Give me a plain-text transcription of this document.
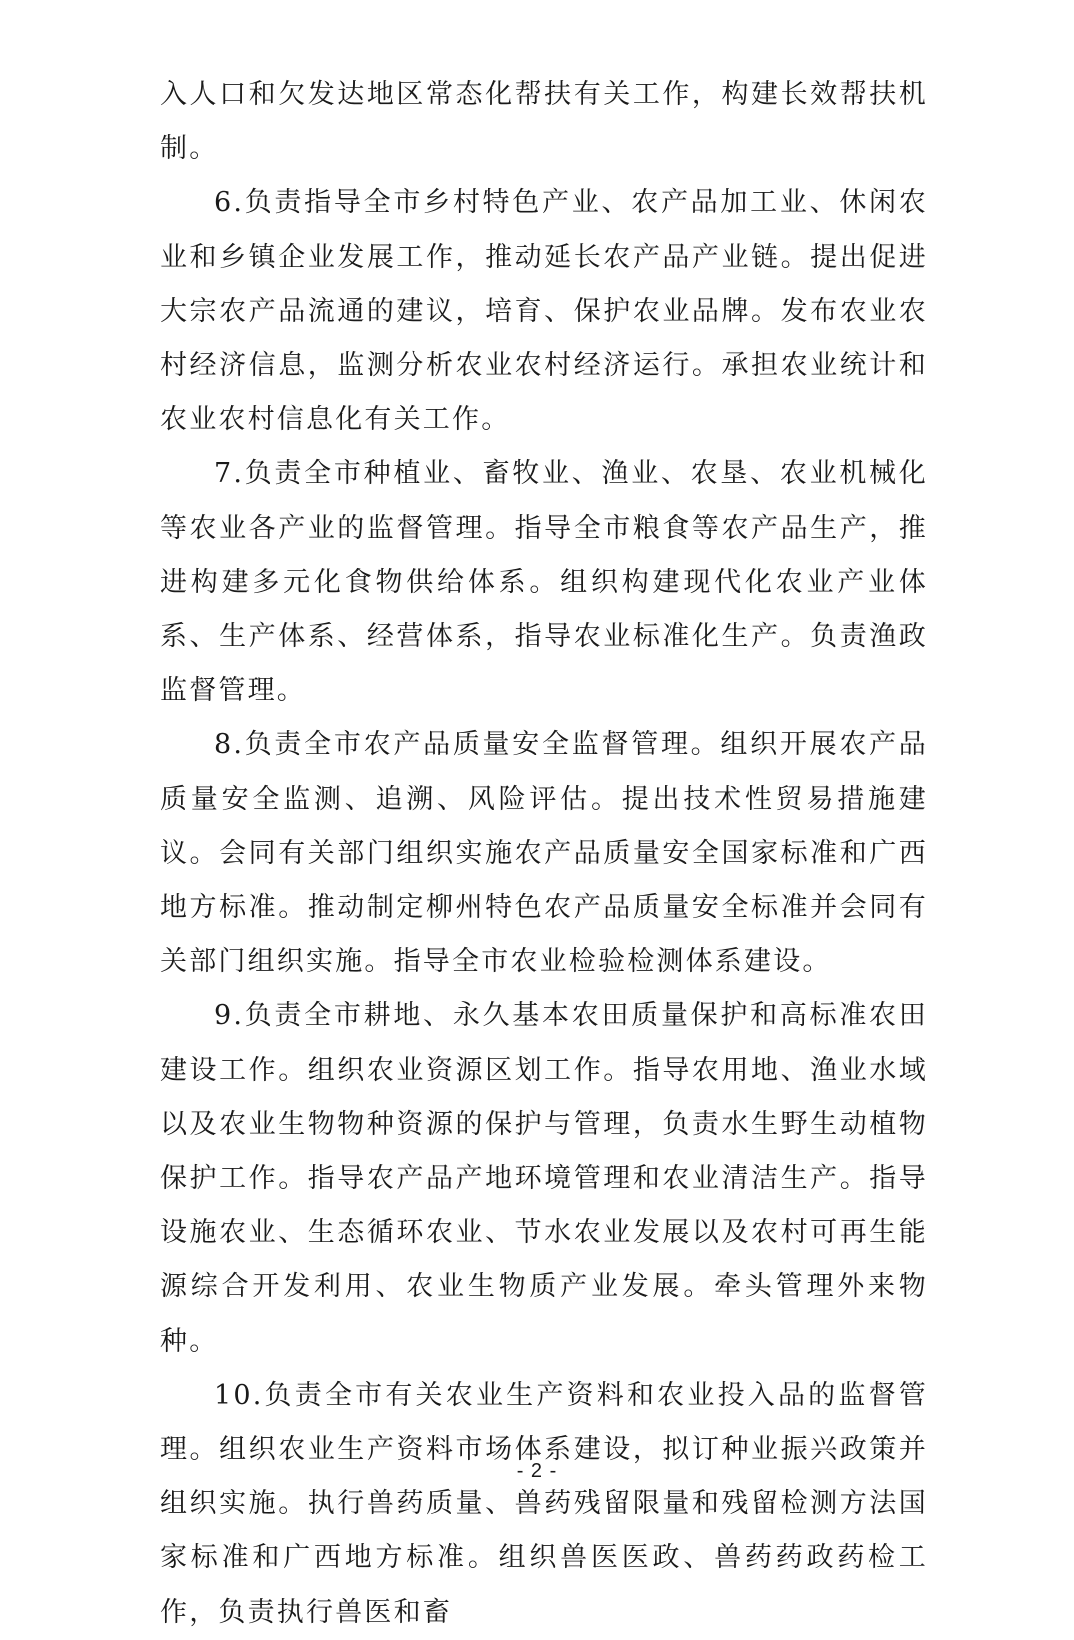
入人口和欠发达地区常态化帮扶有关工作，构建长效帮扶机制。

6.负责指导全市乡村特色产业、农产品加工业、休闲农业和乡镇企业发展工作，推动延长农产品产业链。提出促进大宗农产品流通的建议，培育、保护农业品牌。发布农业农村经济信息，监测分析农业农村经济运行。承担农业统计和农业农村信息化有关工作。

7.负责全市种植业、畜牧业、渔业、农垦、农业机械化等农业各产业的监督管理。指导全市粮食等农产品生产，推进构建多元化食物供给体系。组织构建现代化农业产业体系、生产体系、经营体系，指导农业标准化生产。负责渔政监督管理。

8.负责全市农产品质量安全监督管理。组织开展农产品质量安全监测、追溯、风险评估。提出技术性贸易措施建议。会同有关部门组织实施农产品质量安全国家标准和广西地方标准。推动制定柳州特色农产品质量安全标准并会同有关部门组织实施。指导全市农业检验检测体系建设。

9.负责全市耕地、永久基本农田质量保护和高标准农田建设工作。组织农业资源区划工作。指导农用地、渔业水域以及农业生物物种资源的保护与管理，负责水生野生动植物保护工作。指导农产品产地环境管理和农业清洁生产。指导设施农业、生态循环农业、节水农业发展以及农村可再生能源综合开发利用、农业生物质产业发展。牵头管理外来物种。

10.负责全市有关农业生产资料和农业投入品的监督管理。组织农业生产资料市场体系建设，拟订种业振兴政策并组织实施。执行兽药质量、兽药残留限量和残留检测方法国家标准和广西地方标准。组织兽医医政、兽药药政药检工作，负责执行兽医和畜

- 2 -
